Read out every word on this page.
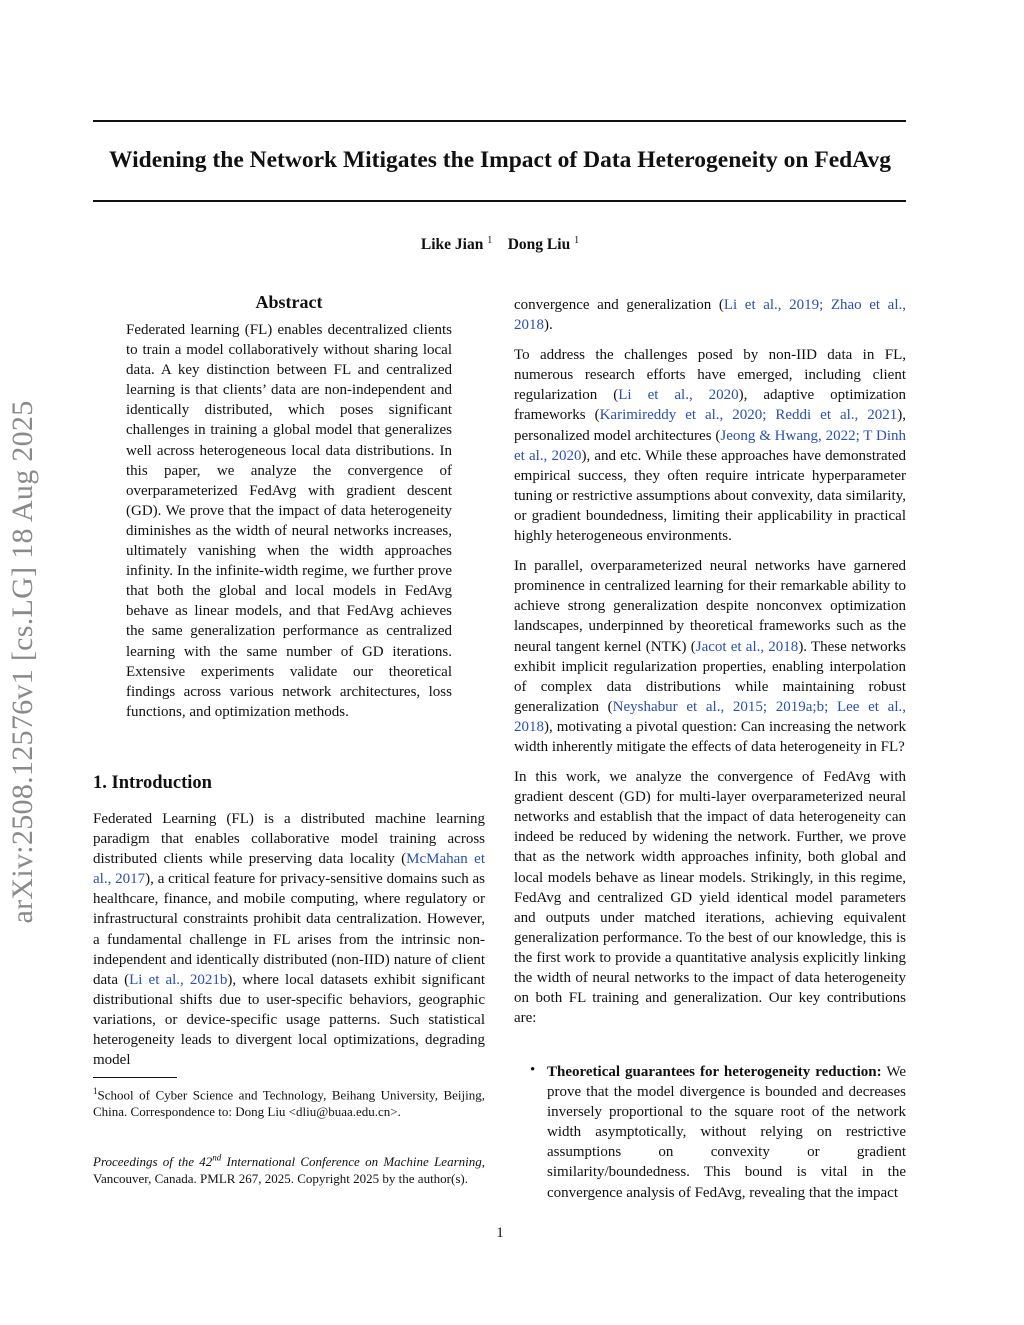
Widening the Network Mitigates the Impact of Data Heterogeneity on FedAvg
Like Jian $^1$ Dong Liu $^1$
arXiv:2508.12576v1 [cs.LG] 18 Aug 2025
Abstract
Federated learning (FL) enables decentralized clients to train a model collaboratively without sharing local data. A key distinction between FL and centralized learning is that clients’ data are non-independent and identically distributed, which poses significant challenges in training a global model that generalizes well across heterogeneous local data distributions. In this paper, we analyze the convergence of overparameterized FedAvg with gradient descent (GD). We prove that the impact of data heterogeneity diminishes as the width of neural networks increases, ultimately vanishing when the width approaches infinity. In the infinite-width regime, we further prove that both the global and local models in FedAvg behave as linear models, and that FedAvg achieves the same generalization performance as centralized learning with the same number of GD iterations. Extensive experiments validate our theoretical findings across various network architectures, loss functions, and optimization methods.
1. Introduction

Federated Learning (FL) is a distributed machine learning paradigm that enables collaborative model training across distributed clients while preserving data locality (McMahan et al., 2017), a critical feature for privacy-sensitive domains such as healthcare, finance, and mobile computing, where regulatory or infrastructural constraints prohibit data centralization. However, a fundamental challenge in FL arises from the intrinsic non-independent and identically distributed (non-IID) nature of client data (Li et al., 2021b), where local datasets exhibit significant distributional shifts due to user-specific behaviors, geographic variations, or device-specific usage patterns. Such statistical heterogeneity leads to divergent local optimizations, degrading model

$^1$School of Cyber Science and Technology, Beihang University, Beijing, China. Correspondence to: Dong Liu <dliu@buaa.edu.cn>.
Proceedings of the 42nd International Conference on Machine Learning, Vancouver, Canada. PMLR 267, 2025. Copyright 2025 by the author(s).

convergence and generalization (Li et al., 2019; Zhao et al., 2018).

To address the challenges posed by non-IID data in FL, numerous research efforts have emerged, including client regularization (Li et al., 2020), adaptive optimization frameworks (Karimireddy et al., 2020; Reddi et al., 2021), personalized model architectures (Jeong & Hwang, 2022; T Dinh et al., 2020), and etc. While these approaches have demonstrated empirical success, they often require intricate hyperparameter tuning or restrictive assumptions about convexity, data similarity, or gradient boundedness, limiting their applicability in practical highly heterogeneous environments.

In parallel, overparameterized neural networks have garnered prominence in centralized learning for their remarkable ability to achieve strong generalization despite nonconvex optimization landscapes, underpinned by theoretical frameworks such as the neural tangent kernel (NTK) (Jacot et al., 2018). These networks exhibit implicit regularization properties, enabling interpolation of complex data distributions while maintaining robust generalization (Neyshabur et al., 2015; 2019a;b; Lee et al., 2018), motivating a pivotal question: Can increasing the network width inherently mitigate the effects of data heterogeneity in FL?

In this work, we analyze the convergence of FedAvg with gradient descent (GD) for multi-layer overparameterized neural networks and establish that the impact of data heterogeneity can indeed be reduced by widening the network. Further, we prove that as the network width approaches infinity, both global and local models behave as linear models. Strikingly, in this regime, FedAvg and centralized GD yield identical model parameters and outputs under matched iterations, achieving equivalent generalization performance. To the best of our knowledge, this is the first work to provide a quantitative analysis explicitly linking the width of neural networks to the impact of data heterogeneity on both FL training and generalization. Our key contributions are:

• Theoretical guarantees for heterogeneity reduction: We prove that the model divergence is bounded and decreases inversely proportional to the square root of the network width asymptotically, without relying on restrictive assumptions on convexity or gradient similarity/boundedness. This bound is vital in the convergence analysis of FedAvg, revealing that the impact
1
